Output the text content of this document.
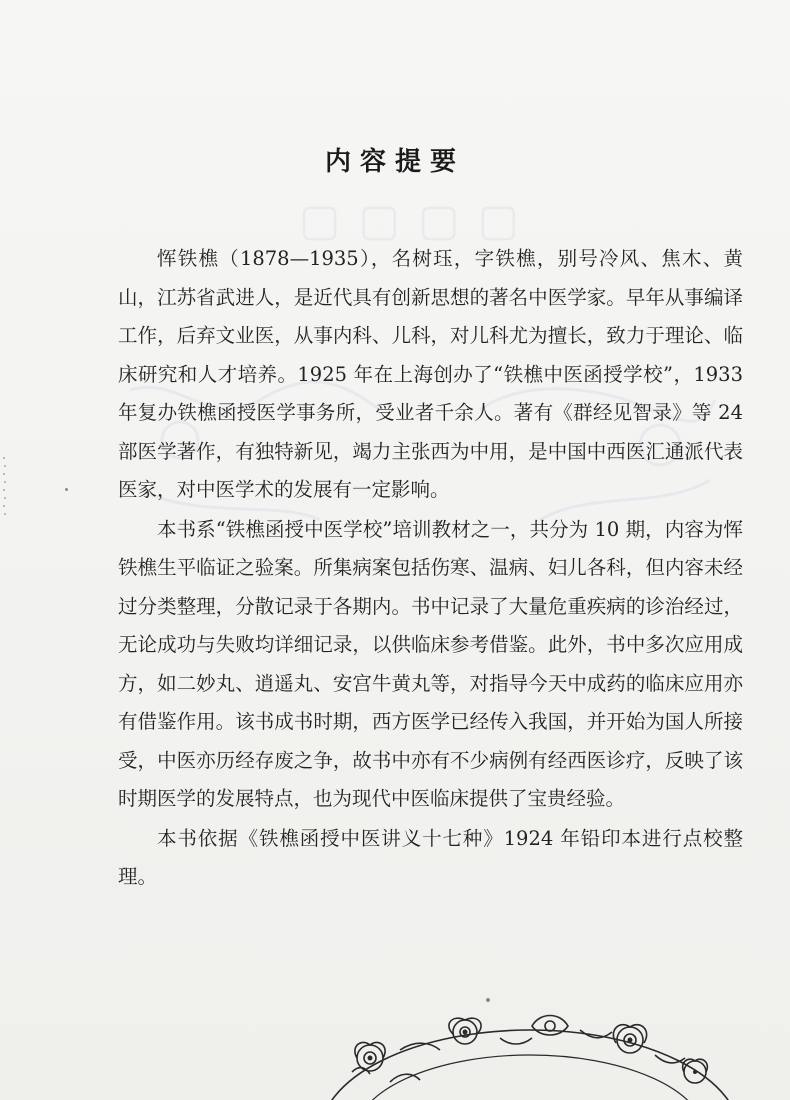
▢▢▢▢
内容提要

恽铁樵（1878—1935），名树珏，字铁樵，别号冷风、焦木、黄山，江苏省武进人，是近代具有创新思想的著名中医学家。早年从事编译工作，后弃文业医，从事内科、儿科，对儿科尤为擅长，致力于理论、临床研究和人才培养。1925 年在上海创办了“铁樵中医函授学校”，1933 年复办铁樵函授医学事务所，受业者千余人。著有《群经见智录》等 24 部医学著作，有独特新见，竭力主张西为中用，是中国中西医汇通派代表医家，对中医学术的发展有一定影响。

本书系“铁樵函授中医学校”培训教材之一，共分为 10 期，内容为恽铁樵生平临证之验案。所集病案包括伤寒、温病、妇儿各科，但内容未经过分类整理，分散记录于各期内。书中记录了大量危重疾病的诊治经过，无论成功与失败均详细记录，以供临床参考借鉴。此外，书中多次应用成方，如二妙丸、逍遥丸、安宫牛黄丸等，对指导今天中成药的临床应用亦有借鉴作用。该书成书时期，西方医学已经传入我国，并开始为国人所接受，中医亦历经存废之争，故书中亦有不少病例有经西医诊疗，反映了该时期医学的发展特点，也为现代中医临床提供了宝贵经验。

本书依据《铁樵函授中医讲义十七种》1924 年铅印本进行点校整理。
